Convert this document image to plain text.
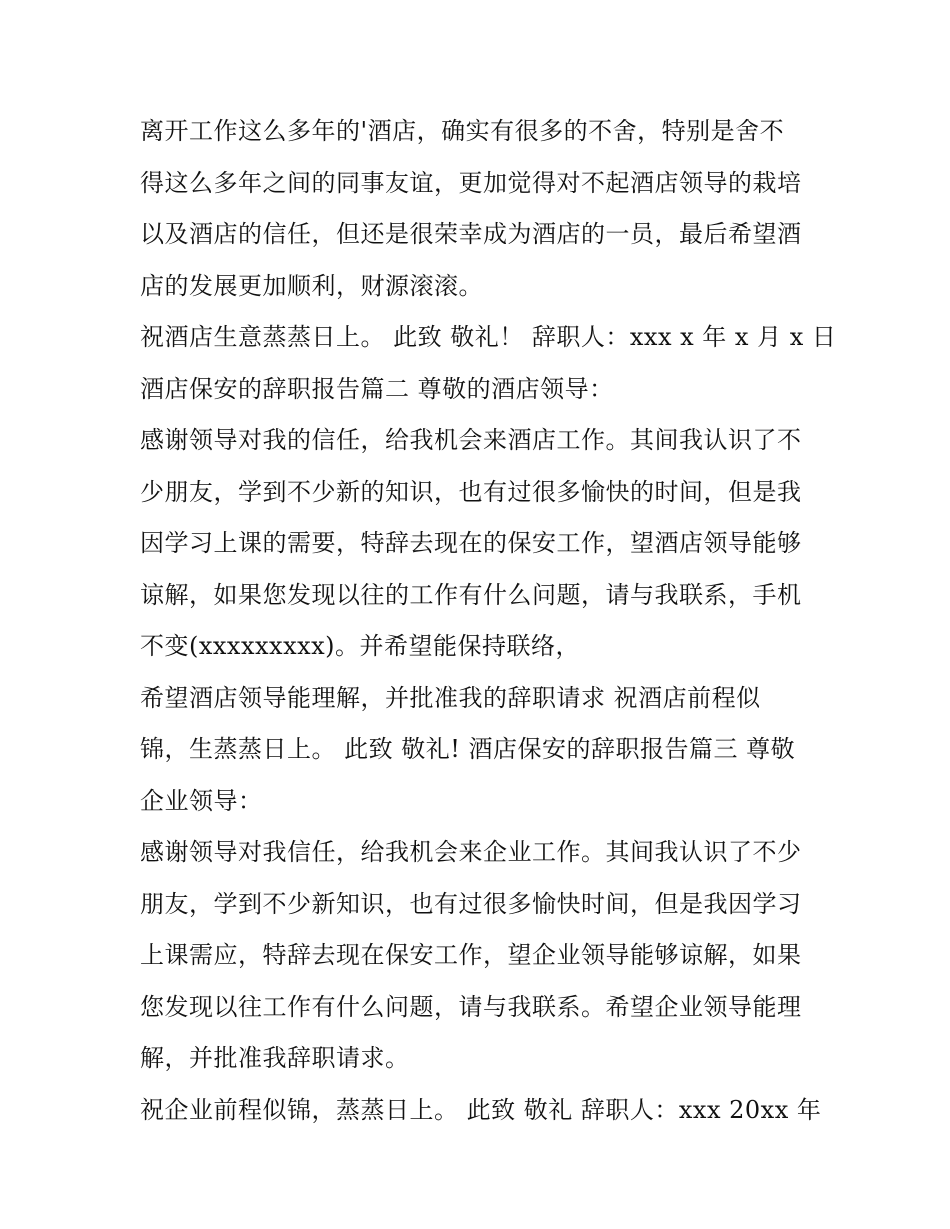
离开工作这么多年的'酒店，确实有很多的不舍，特别是舍不
得这么多年之间的同事友谊，更加觉得对不起酒店领导的栽培
以及酒店的信任，但还是很荣幸成为酒店的一员，最后希望酒
店的发展更加顺利，财源滚滚。
祝酒店生意蒸蒸日上。 此致 敬礼！ 辞职人：xxx x 年 x 月 x 日
酒店保安的辞职报告篇二 尊敬的酒店领导：
感谢领导对我的信任，给我机会来酒店工作。其间我认识了不
少朋友，学到不少新的知识，也有过很多愉快的时间，但是我
因学习上课的需要，特辞去现在的保安工作，望酒店领导能够
谅解，如果您发现以往的工作有什么问题，请与我联系，手机
不变(xxxxxxxxx)。并希望能保持联络，
希望酒店领导能理解，并批准我的辞职请求 祝酒店前程似
锦，生蒸蒸日上。 此致 敬礼! 酒店保安的辞职报告篇三 尊敬
企业领导：
感谢领导对我信任，给我机会来企业工作。其间我认识了不少
朋友，学到不少新知识，也有过很多愉快时间，但是我因学习
上课需应，特辞去现在保安工作，望企业领导能够谅解，如果
您发现以往工作有什么问题，请与我联系。希望企业领导能理
解，并批准我辞职请求。
祝企业前程似锦，蒸蒸日上。 此致 敬礼 辞职人：xxx 20xx 年
